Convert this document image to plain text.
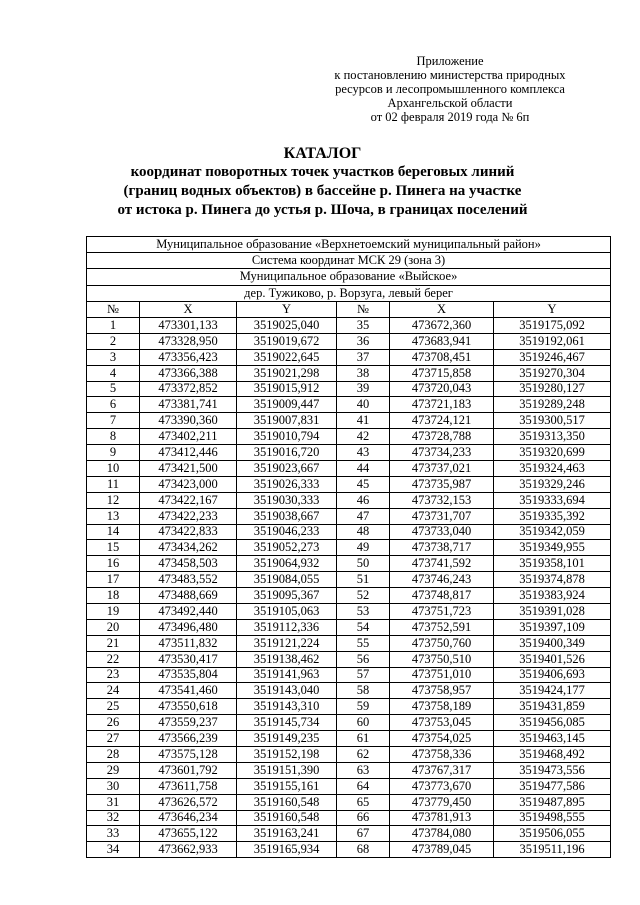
Приложение
к постановлению министерства природных
ресурсов и лесопромышленного комплекса
Архангельской области
от 02 февраля 2019 года № 6п
КАТАЛОГ
координат поворотных точек участков береговых линий
(границ водных объектов) в бассейне р. Пинега на участке
от истока р. Пинега до устья р. Шоча, в границах поселений
Муниципальное образование «Верхнетоемский муниципальный район»					
Система координат МСК 29 (зона 3)					
Муниципальное образование «Выйское»					
дер. Тужиково, р. Ворзуга, левый берег					
№	X	Y	№	X	Y
1	473301,133	3519025,040	35	473672,360	3519175,092
2	473328,950	3519019,672	36	473683,941	3519192,061
3	473356,423	3519022,645	37	473708,451	3519246,467
4	473366,388	3519021,298	38	473715,858	3519270,304
5	473372,852	3519015,912	39	473720,043	3519280,127
6	473381,741	3519009,447	40	473721,183	3519289,248
7	473390,360	3519007,831	41	473724,121	3519300,517
8	473402,211	3519010,794	42	473728,788	3519313,350
9	473412,446	3519016,720	43	473734,233	3519320,699
10	473421,500	3519023,667	44	473737,021	3519324,463
11	473423,000	3519026,333	45	473735,987	3519329,246
12	473422,167	3519030,333	46	473732,153	3519333,694
13	473422,233	3519038,667	47	473731,707	3519335,392
14	473422,833	3519046,233	48	473733,040	3519342,059
15	473434,262	3519052,273	49	473738,717	3519349,955
16	473458,503	3519064,932	50	473741,592	3519358,101
17	473483,552	3519084,055	51	473746,243	3519374,878
18	473488,669	3519095,367	52	473748,817	3519383,924
19	473492,440	3519105,063	53	473751,723	3519391,028
20	473496,480	3519112,336	54	473752,591	3519397,109
21	473511,832	3519121,224	55	473750,760	3519400,349
22	473530,417	3519138,462	56	473750,510	3519401,526
23	473535,804	3519141,963	57	473751,010	3519406,693
24	473541,460	3519143,040	58	473758,957	3519424,177
25	473550,618	3519143,310	59	473758,189	3519431,859
26	473559,237	3519145,734	60	473753,045	3519456,085
27	473566,239	3519149,235	61	473754,025	3519463,145
28	473575,128	3519152,198	62	473758,336	3519468,492
29	473601,792	3519151,390	63	473767,317	3519473,556
30	473611,758	3519155,161	64	473773,670	3519477,586
31	473626,572	3519160,548	65	473779,450	3519487,895
32	473646,234	3519160,548	66	473781,913	3519498,555
33	473655,122	3519163,241	67	473784,080	3519506,055
34	473662,933	3519165,934	68	473789,045	3519511,196
